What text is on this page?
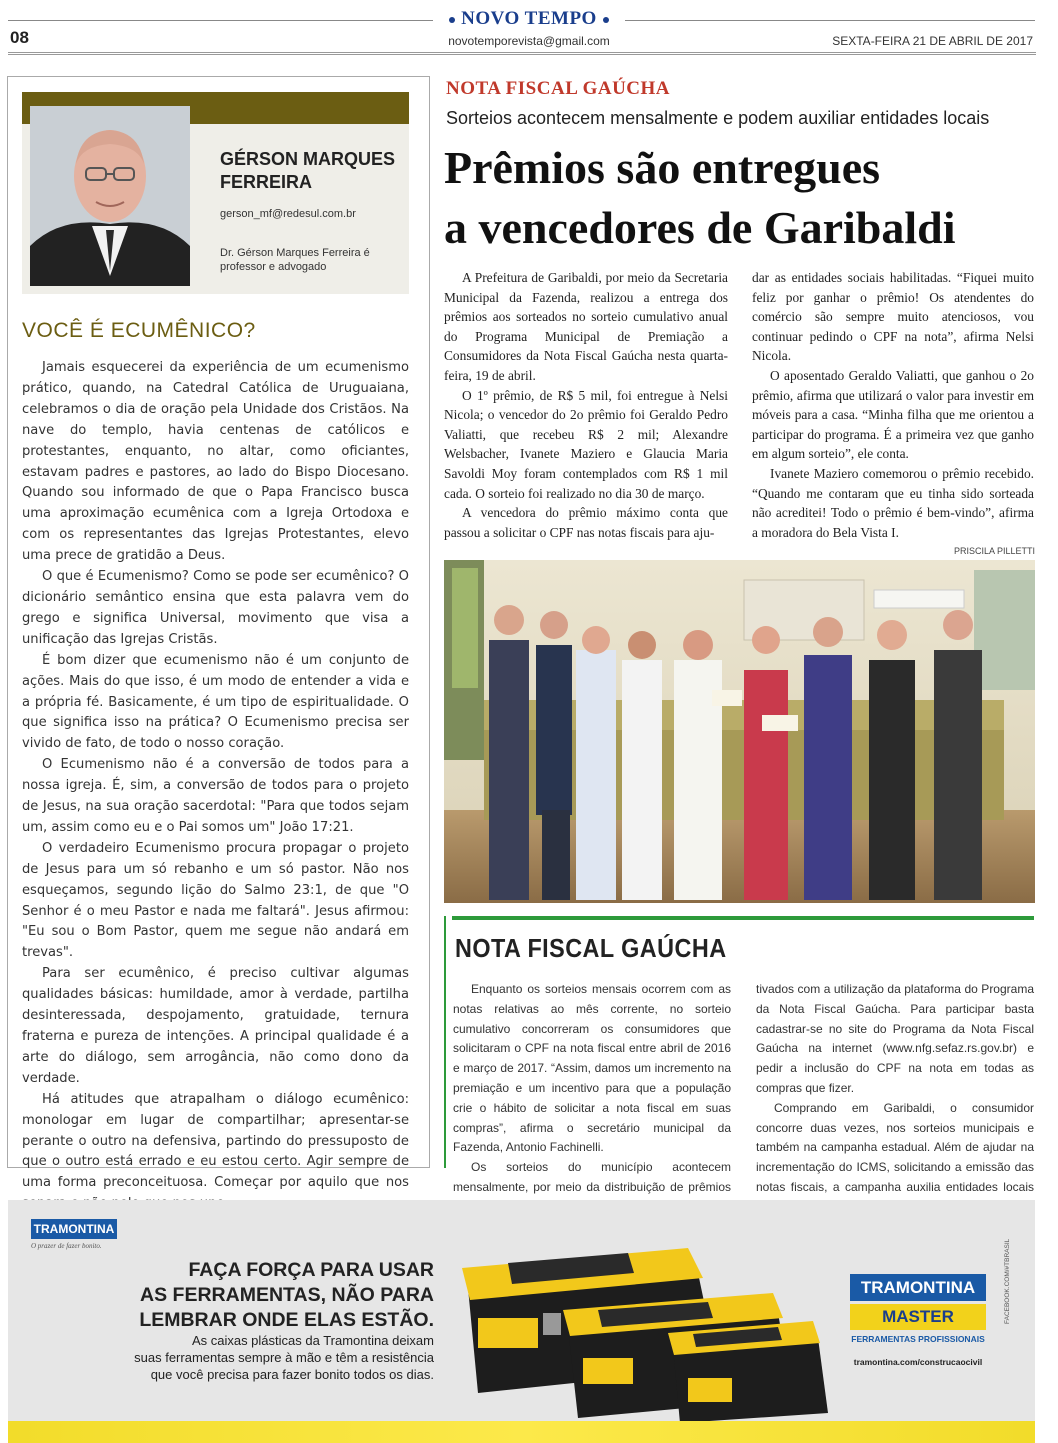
NOVO TEMPO
08	novotemporevista@gmail.com	SEXTA-FEIRA 21 DE ABRIL DE 2017
GÉRSON MARQUES
FERREIRA
gerson_mf@redesul.com.br
Dr. Gérson Marques Ferreira é
professor e advogado
VOCÊ É ECUMÊNICO?

Jamais esquecerei da experiência de um ecumenismo prático, quando, na Catedral Católica de Uruguaiana, celebramos o dia de oração pela Unidade dos Cristãos. Na nave do templo, havia centenas de católicos e protestantes, enquanto, no altar, como oficiantes, estavam padres e pastores, ao lado do Bispo Diocesano. Quando sou informado de que o Papa Francisco busca uma aproximação ecumênica com a Igreja Ortodoxa e com os representantes das Igrejas Protestantes, elevo uma prece de gratidão a Deus.

O que é Ecumenismo? Como se pode ser ecumênico? O dicionário semântico ensina que esta palavra vem do grego e significa Universal, movimento que visa a unificação das Igrejas Cristãs.

É bom dizer que ecumenismo não é um conjunto de ações. Mais do que isso, é um modo de entender a vida e a própria fé. Basicamente, é um tipo de espiritualidade. O que significa isso na prática? O Ecumenismo precisa ser vivido de fato, de todo o nosso coração.

O Ecumenismo não é a conversão de todos para a nossa igreja. É, sim, a conversão de todos para o projeto de Jesus, na sua oração sacerdotal: "Para que todos sejam um, assim como eu e o Pai somos um" João 17:21.

O verdadeiro Ecumenismo procura propagar o projeto de Jesus para um só rebanho e um só pastor. Não nos esqueçamos, segundo lição do Salmo 23:1, de que "O Senhor é o meu Pastor e nada me faltará". Jesus afirmou: "Eu sou o Bom Pastor, quem me segue não andará em trevas".

Para ser ecumênico, é preciso cultivar algumas qualidades básicas: humildade, amor à verdade, partilha desinteressada, despojamento, gratuidade, ternura fraterna e pureza de intenções. A principal qualidade é a arte do diálogo, sem arrogância, não como dono da verdade.

Há atitudes que atrapalham o diálogo ecumênico: monologar em lugar de compartilhar; apresentar-se perante o outro na defensiva, partindo do pressuposto de que o outro está errado e eu estou certo. Agir sempre de uma forma preconceituosa. Começar por aquilo que nos

NOTA FISCAL GAÚCHA
Sorteios acontecem mensalmente e podem auxiliar entidades locais
Prêmios são entregues
a vencedores de Garibaldi

A Prefeitura de Garibaldi, por meio da Secretaria Municipal da Fazenda, realizou a entrega dos prêmios aos sorteados no sorteio cumulativo anual do Programa Municipal de Premiação a Consumidores da Nota Fiscal Gaúcha nesta quarta-feira, 19 de abril.

O 1º prêmio, de R$ 5 mil, foi entregue à Nelsi Nicola; o vencedor do 2o prêmio foi Geraldo Pedro Valiatti, que recebeu R$ 2 mil; Alexandre Welsbacher, Ivanete Maziero e Glaucia Maria Savoldi Moy foram contemplados com R$ 1 mil cada. O sorteio foi realizado no dia 30 de março.

A vencedora do prêmio máximo conta que passou a solicitar o CPF nas notas fiscais para aju-

dar as entidades sociais habilitadas. “Fiquei muito feliz por ganhar o prêmio! Os atendentes do comércio são sempre muito atenciosos, vou continuar pedindo o CPF na nota”, afirma Nelsi Nicola.

O aposentado Geraldo Valiatti, que ganhou o 2o prêmio, afirma que utilizará o valor para investir em móveis para a casa. “Minha filha que me orientou a participar do programa. É a primeira vez que ganho em algum sorteio”, ele conta.

Ivanete Maziero comemorou o prêmio recebido. “Quando me contaram que eu tinha sido sorteada não acreditei! Todo o prêmio é bem-vindo”, afirma a moradora do Bela Vista I.

PRISCILA PILLETTI
NOTA FISCAL GAÚCHA

Enquanto os sorteios mensais ocorrem com as notas relativas ao mês corrente, no sorteio cumulativo concorreram os consumidores que solicitaram o CPF na nota fiscal entre abril de 2016 e março de 2017. “Assim, damos um incremento na premiação e um incentivo para que a população crie o hábito de solicitar a nota fiscal em suas compras”, afirma o secretário municipal da Fazenda, Antonio Fachinelli.

Os sorteios do município acontecem mensalmente, por meio da distribuição de prêmios

tivados com a utilização da plataforma do Programa da Nota Fiscal Gaúcha. Para participar basta cadastrar-se no site do Programa da Nota Fiscal Gaúcha na internet (www.nfg.sefaz.rs.gov.br) e pedir a inclusão do CPF na nota em todas as compras que fizer.

Comprando em Garibaldi, o consumidor concorre duas vezes, nos sorteios municipais e também na campanha estadual. Além de ajudar na incrementação do ICMS, solicitando a emissão das notas fiscais, a campanha auxilia entidades locais

TRAMONTINA
O prazer de fazer bonito.
FAÇA FORÇA PARA USAR
AS FERRAMENTAS, NÃO PARA
LEMBRAR ONDE ELAS ESTÃO.
As caixas plásticas da Tramontina deixam
suas ferramentas sempre à mão e têm a resistência
que você precisa para fazer bonito todos os dias.
TRAMONTINA
MASTER
FERRAMENTAS PROFISSIONAIS
tramontina.com/construcaocivil
FACEBOOK.COM/#TBRASIL
